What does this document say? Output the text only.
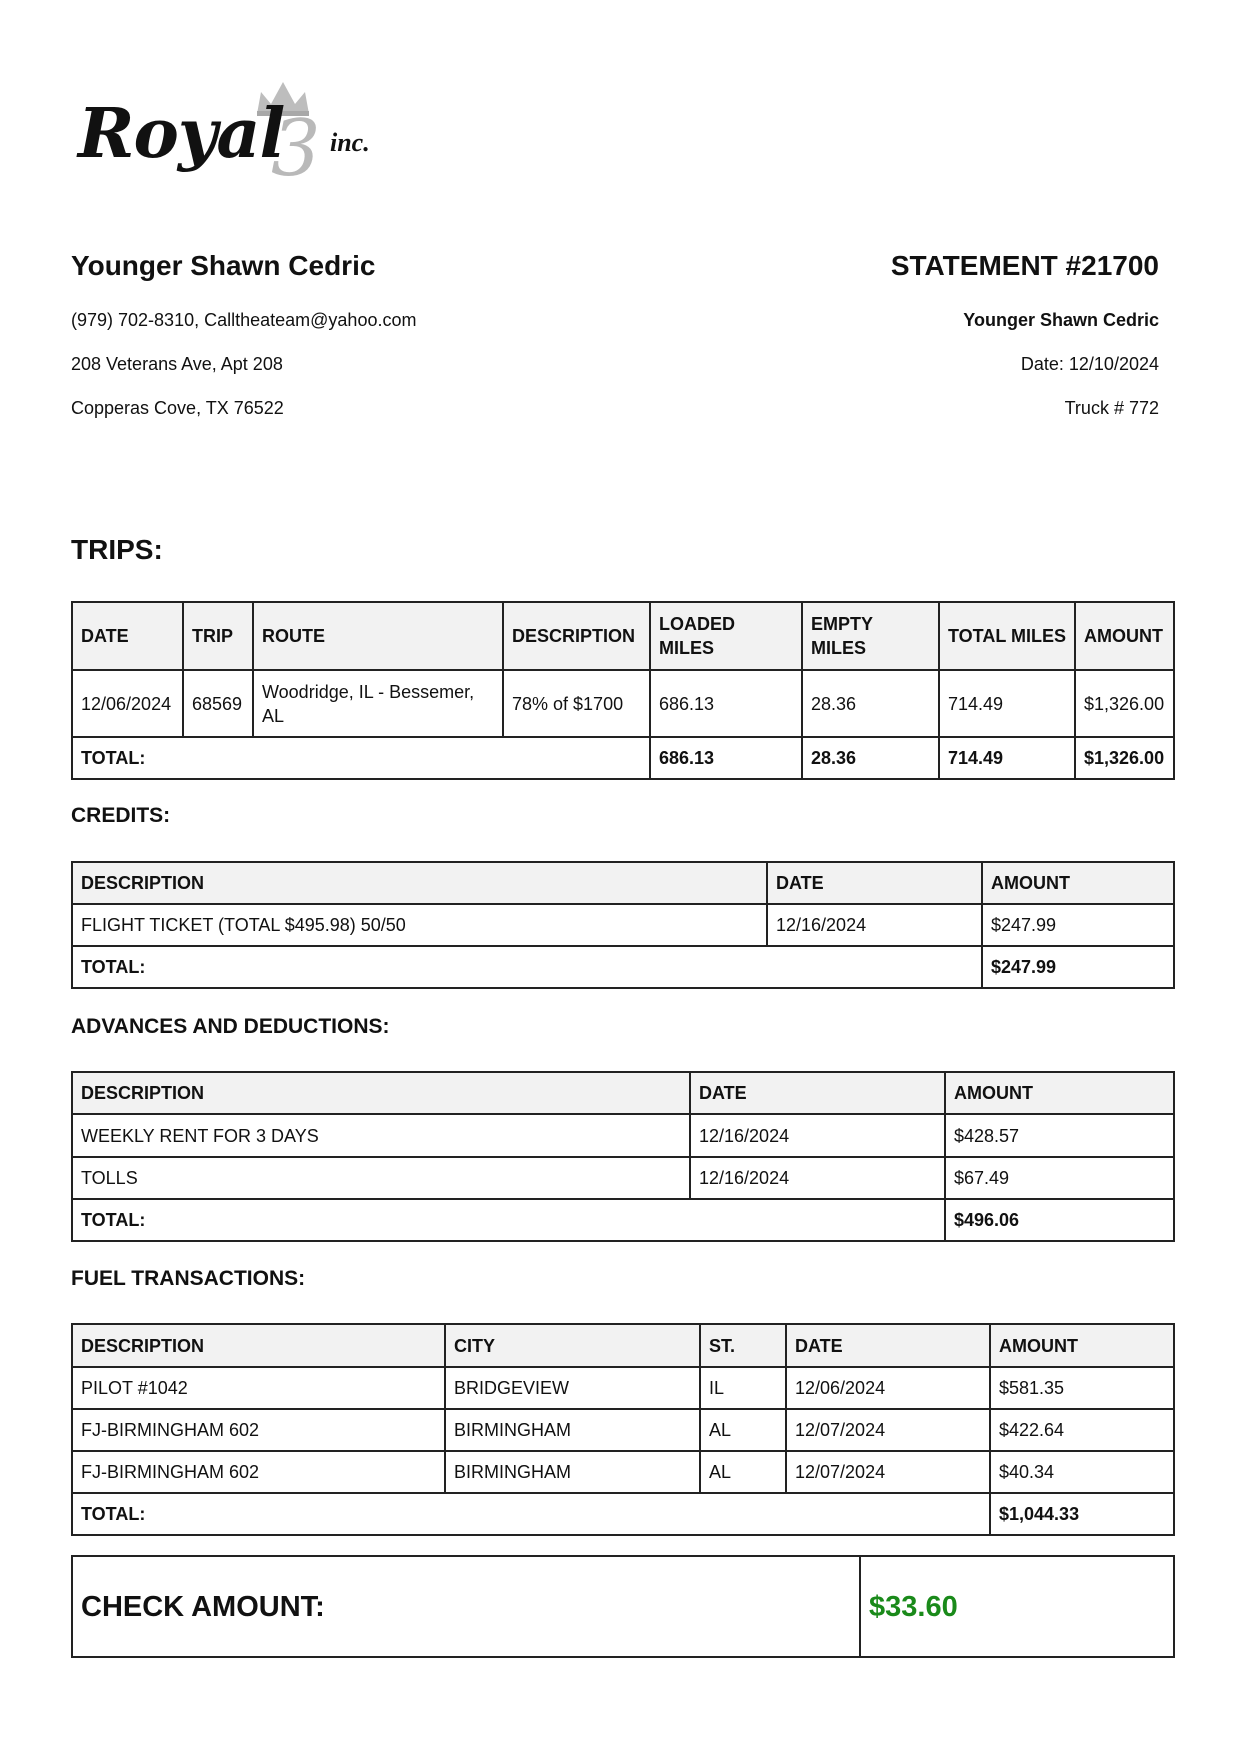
Royal
3 inc.
Younger Shawn Cedric
(979) 702-8310, Calltheateam@yahoo.com
208 Veterans Ave, Apt 208
Copperas Cove, TX 76522
STATEMENT #21700
Younger Shawn Cedric
Date: 12/10/2024
Truck # 772
TRIPS:
DATE	TRIP	ROUTE	DESCRIPTION	LOADED MILES	EMPTY MILES	TOTAL MILES	AMOUNT
12/06/2024	68569	Woodridge, IL - Bessemer, AL	78% of $1700	686.13	28.36	714.49	$1,326.00
TOTAL:				686.13	28.36	714.49	$1,326.00
CREDITS:
DESCRIPTION	DATE	AMOUNT
FLIGHT TICKET (TOTAL $495.98) 50/50	12/16/2024	$247.99
TOTAL:		$247.99
ADVANCES AND DEDUCTIONS:
DESCRIPTION	DATE	AMOUNT
WEEKLY RENT FOR 3 DAYS	12/16/2024	$428.57
TOLLS	12/16/2024	$67.49
TOTAL:		$496.06
FUEL TRANSACTIONS:
DESCRIPTION	CITY	ST.	DATE	AMOUNT
PILOT #1042	BRIDGEVIEW	IL	12/06/2024	$581.35
FJ-BIRMINGHAM 602	BIRMINGHAM	AL	12/07/2024	$422.64
FJ-BIRMINGHAM 602	BIRMINGHAM	AL	12/07/2024	$40.34
TOTAL:				$1,044.33
CHECK AMOUNT:	$33.60
